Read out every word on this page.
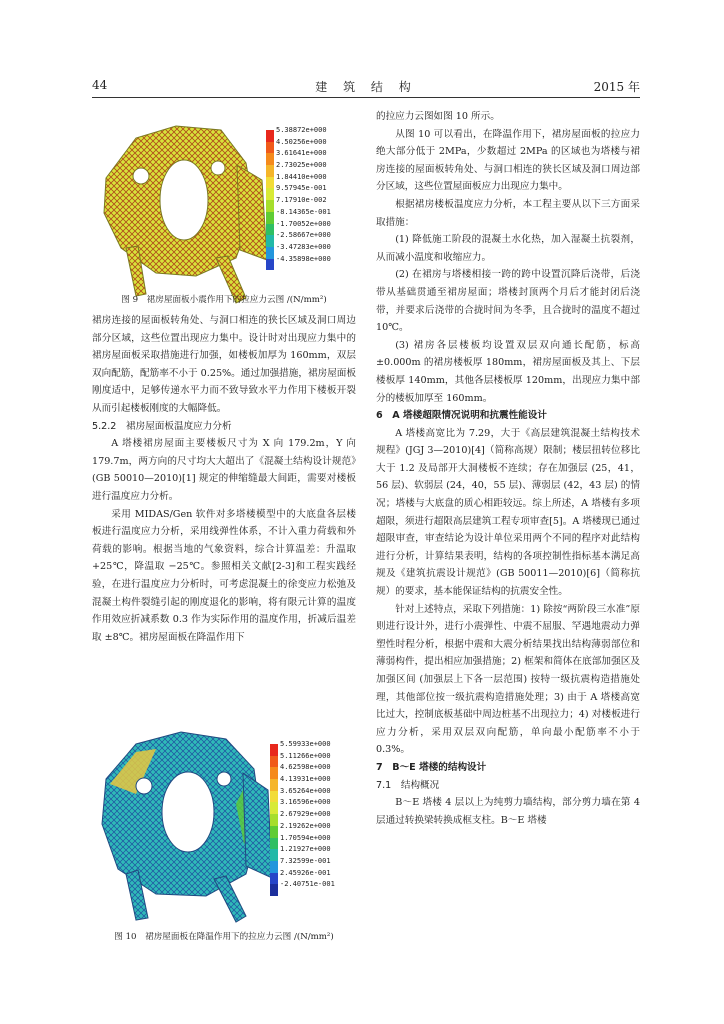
44	建 筑 结 构	2015 年
5.38872e+000
4.50256e+000
3.61641e+000
2.73025e+000
1.84410e+000
9.57945e-001
7.17910e-002
-8.14365e-001
-1.70052e+000
-2.58667e+000
-3.47283e+000
-4.35898e+000
图 9　裙房屋面板小震作用下的拉应力云图 /(N/mm²)

裙房连接的屋面板转角处、与洞口相连的狭长区域及洞口周边部分区域，这些位置出现应力集中。设计时对出现应力集中的裙房屋面板采取措施进行加强，如楼板加厚为 160mm，双层双向配筋，配筋率不小于 0.25%。通过加强措施，裙房屋面板刚度适中，足够传递水平力而不致导致水平力作用下楼板开裂从而引起楼板刚度的大幅降低。

5.2.2　裙房屋面板温度应力分析

A 塔楼裙房屋面主要楼板尺寸为 X 向 179.2m，Y 向 179.7m，两方向的尺寸均大大超出了《混凝土结构设计规范》(GB 50010—2010)[1] 规定的伸缩缝最大间距，需要对楼板进行温度应力分析。

采用 MIDAS/Gen 软件对多塔楼模型中的大底盘各层楼板进行温度应力分析，采用线弹性体系，不计入重力荷载和外荷载的影响。根据当地的气象资料，综合计算温差：升温取 +25℃，降温取 −25℃。参照相关文献[2-3]和工程实践经验，在进行温度应力分析时，可考虑混凝土的徐变应力松弛及混凝土构件裂缝引起的刚度退化的影响，将有限元计算的温度作用效应折减系数 0.3 作为实际作用的温度作用，折减后温差取 ±8℃。裙房屋面板在降温作用下

5.59933e+000
5.11266e+000
4.62598e+000
4.13931e+000
3.65264e+000
3.16596e+000
2.67929e+000
2.19262e+000
1.70594e+000
1.21927e+000
7.32599e-001
2.45926e-001
-2.40751e-001
图 10　裙房屋面板在降温作用下的拉应力云图 /(N/mm²)

的拉应力云图如图 10 所示。

从图 10 可以看出，在降温作用下，裙房屋面板的拉应力绝大部分低于 2MPa，少数超过 2MPa 的区域也为塔楼与裙房连接的屋面板转角处、与洞口相连的狭长区域及洞口周边部分区域，这些位置屋面板应力出现应力集中。

根据裙房楼板温度应力分析，本工程主要从以下三方面采取措施：

(1) 降低施工阶段的混凝土水化热，加入湿凝土抗裂剂，从而减小温度和收缩应力。

(2) 在裙房与塔楼相接一跨的跨中设置沉降后浇带，后浇带从基础贯通至裙房屋面；塔楼封顶两个月后才能封闭后浇带，并要求后浇带的合拢时间为冬季，且合拢时的温度不超过 10℃。

(3) 裙房各层楼板均设置双层双向通长配筋，标高 ±0.000m 的裙房楼板厚 180mm，裙房屋面板及其上、下层楼板厚 140mm，其他各层楼板厚 120mm，出现应力集中部分的楼板加厚至 160mm。

6　A 塔楼超限情况说明和抗震性能设计

A 塔楼高宽比为 7.29，大于《高层建筑混凝土结构技术规程》(JGJ 3—2010)[4]（简称高规）限制；楼层扭转位移比大于 1.2 及局部开大洞楼板不连续；存在加强层 (25，41，56 层)、软弱层 (24，40，55 层)、薄弱层 (42，43 层) 的情况；塔楼与大底盘的质心相距较远。综上所述，A 塔楼有多项超限，须进行超限高层建筑工程专项审查[5]。A 塔楼现已通过超限审查，审查结论为设计单位采用两个不同的程序对此结构进行分析，计算结果表明，结构的各项控制性指标基本满足高规及《建筑抗震设计规范》(GB 50011—2010)[6]（简称抗规）的要求，基本能保证结构的抗震安全性。

针对上述特点，采取下列措施：1) 除按“两阶段三水准”原则进行设计外，进行小震弹性、中震不屈服、罕遇地震动力弹塑性时程分析，根据中震和大震分析结果找出结构薄弱部位和薄弱构件，提出相应加强措施；2) 框架和简体在底部加强区及加强区间 (加强层上下各一层范围) 按特一级抗震构造措施处理，其他部位按一级抗震构造措施处理；3) 由于 A 塔楼高宽比过大，控制底板基础中周边桩基不出现拉力；4) 对楼板进行应力分析，采用双层双向配筋，单向最小配筋率不小于 0.3%。

7　B～E 塔楼的结构设计

7.1　结构概况

B～E 塔楼 4 层以上为纯剪力墙结构，部分剪力墙在第 4 层通过转换梁转换成框支柱。B～E 塔楼
